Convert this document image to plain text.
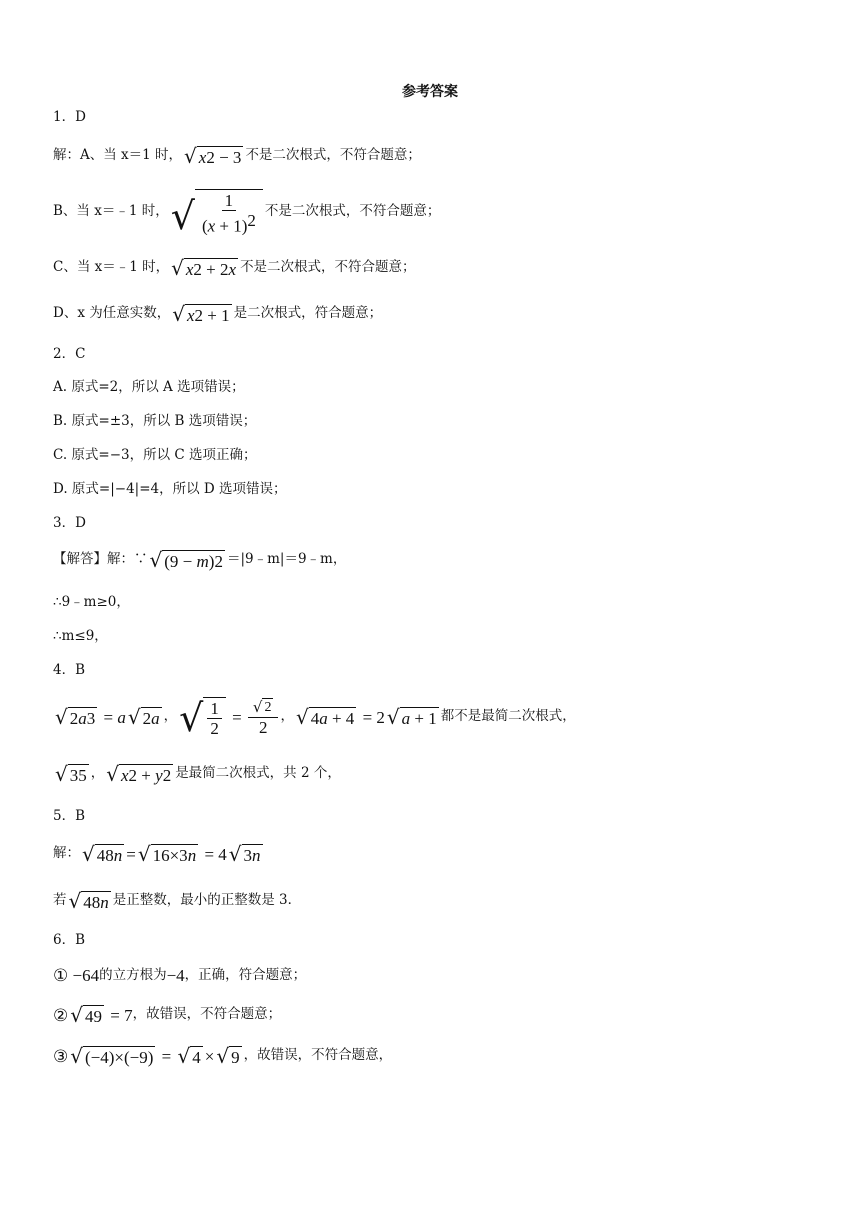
参考答案
1．D
解：A、当 x＝1 时， √ x 2 − 3 不是二次根式，不符合题意；
B、当 x＝﹣1 时， √ $\frac{1}{(x + 1)^2}$ 不是二次根式，不符合题意；
C、当 x＝﹣1 时， √ x 2 + 2 x 不是二次根式，不符合题意；
D、x 为任意实数， √ x 2 + 1 是二次根式，符合题意；
2．C
A. 原式=2，所以 A 选项错误；
B. 原式=±3，所以 B 选项错误；
C. 原式=−3，所以 C 选项正确；
D. 原式=|−4|=4，所以 D 选项错误；
3．D
【解答】解：∵ √ (9 − m ) 2 ＝|9﹣m|＝9﹣m，
∴9﹣m≥0，
∴m≤9，
4．B
√ 2 a 3 = a √ 2 a ， √ $\frac{1}{2} = \frac{√ 2}{2}$ ， √ 4 a + 4 = 2 √ a + 1 都不是最简二次根式，
√ 35 ， √ x 2 + y 2 是最简二次根式，共 2 个，
5．B
解： √ 48 n = √ 16×3 n = 4 √ 3 n
若 √ 48 n 是正整数，最小的正整数是 3．
6．B
① −64 的立方根为 −4 ，正确，符合题意；
② √ 49 = 7 ，故错误，不符合题意；
③ √ (−4)×(−9) = √ 4 × √ 9 ，故错误，不符合题意，
